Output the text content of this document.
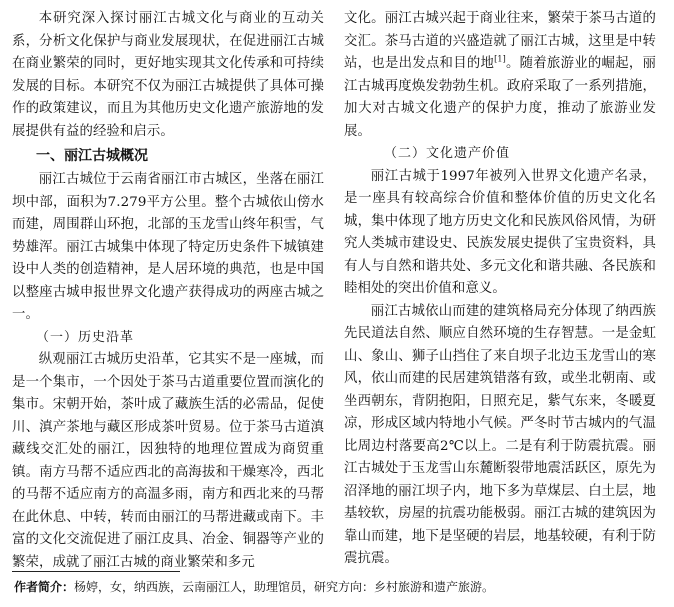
本研究深入探讨丽江古城文化与商业的互动关系，分析文化保护与商业发展现状，在促进丽江古城在商业繁荣的同时，更好地实现其文化传承和可持续发展的目标。本研究不仅为丽江古城提供了具体可操作的政策建议，而且为其他历史文化遗产旅游地的发展提供有益的经验和启示。

一、丽江古城概况

丽江古城位于云南省丽江市古城区，坐落在丽江坝中部，面积为7.279平方公里。整个古城依山傍水而建，周围群山环抱，北部的玉龙雪山终年积雪，气势雄浑。丽江古城集中体现了特定历史条件下城镇建设中人类的创造精神，是人居环境的典范，也是中国以整座古城申报世界文化遗产获得成功的两座古城之一。

（一）历史沿革

纵观丽江古城历史沿革，它其实不是一座城，而是一个集市，一个因处于茶马古道重要位置而演化的集市。宋朝开始，茶叶成了藏族生活的必需品，促使川、滇产茶地与藏区形成茶叶贸易。位于茶马古道滇藏线交汇处的丽江，因独特的地理位置成为商贸重镇。南方马帮不适应西北的高海拔和干燥寒冷，西北的马帮不适应南方的高温多雨，南方和西北来的马帮在此休息、中转，转而由丽江的马帮进藏或南下。丰富的文化交流促进了丽江皮具、冶金、铜器等产业的繁荣，成就了丽江古城的商业繁荣和多元

文化。丽江古城兴起于商业往来，繁荣于茶马古道的交汇。茶马古道的兴盛造就了丽江古城，这里是中转站，也是出发点和目的地[1]。随着旅游业的崛起，丽江古城再度焕发勃勃生机。政府采取了一系列措施，加大对古城文化遗产的保护力度，推动了旅游业发展。

（二）文化遗产价值

丽江古城于1997年被列入世界文化遗产名录，是一座具有较高综合价值和整体价值的历史文化名城，集中体现了地方历史文化和民族风俗风情，为研究人类城市建设史、民族发展史提供了宝贵资料，具有人与自然和谐共处、多元文化和谐共融、各民族和睦相处的突出价值和意义。

丽江古城依山而建的建筑格局充分体现了纳西族先民道法自然、顺应自然环境的生存智慧。一是金虹山、象山、狮子山挡住了来自坝子北边玉龙雪山的寒风，依山而建的民居建筑错落有致，或坐北朝南、或坐西朝东，背阴抱阳，日照充足，紫气东来，冬暖夏凉，形成区域内特地小气候。严冬时节古城内的气温比周边村落要高2℃以上。二是有利于防震抗震。丽江古城处于玉龙雪山东麓断裂带地震活跃区，原先为沼泽地的丽江坝子内，地下多为草煤层、白土层，地基较软，房屋的抗震功能极弱。丽江古城的建筑因为靠山而建，地下是坚硬的岩层，地基较硬，有利于防震抗震。

作者简介：杨婷，女，纳西族，云南丽江人，助理馆员，研究方向：乡村旅游和遗产旅游。
